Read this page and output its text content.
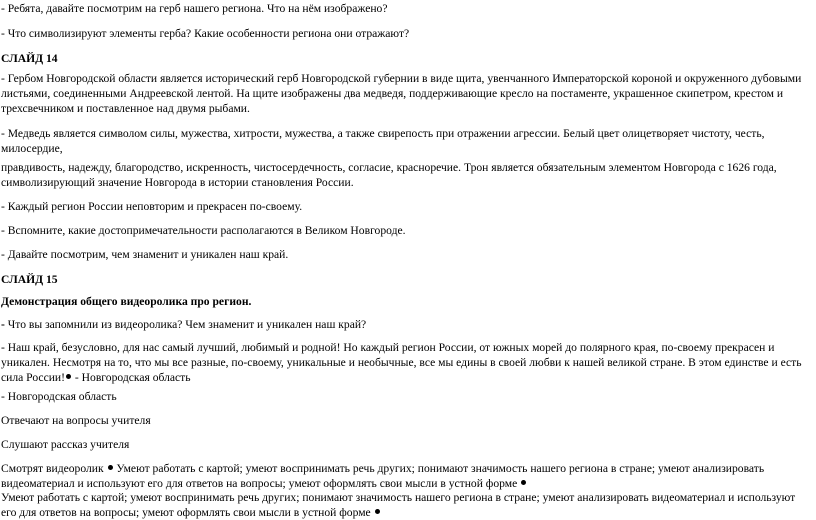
- Ребята, давайте посмотрим на герб нашего региона. Что на нём изображено?

- Что символизируют элементы герба? Какие особенности региона они отражают?

СЛАЙД 14

- Гербом Новгородской области является исторический герб Новгородской губернии в виде щита, увенчанного Императорской короной и окруженного дубовыми листьями, соединенными Андреевской лентой. На щите изображены два медведя, поддерживающие кресло на постаменте, украшенное скипетром, крестом и трехсвечником и поставленное над двумя рыбами.

- Медведь является символом силы, мужества, хитрости, мужества, а также свирепость при отражении агрессии. Белый цвет олицетворяет чистоту, честь, милосердие,

правдивость, надежду, благородство, искренность, чистосердечность, согласие, красноречие. Трон является обязательным элементом Новгорода с 1626 года, символизирующий значение Новгорода в истории становления России.

- Каждый регион России неповторим и прекрасен по-своему.

- Вспомните, какие достопримечательности располагаются в Великом Новгороде.

- Давайте посмотрим, чем знаменит и уникален наш край.

СЛАЙД 15

Демонстрация общего видеоролика про регион.

- Что вы запомнили из видеоролика? Чем знаменит и уникален наш край?

- Наш край, безусловно, для нас самый лучший, любимый и родной! Но каждый регион России, от южных морей до полярного края, по-своему прекрасен и уникален. Несмотря на то, что мы все разные, по-своему, уникальные и необычные, все мы едины в своей любви к нашей великой стране. В этом единстве и есть сила России! - Новгородская область

- Новгородская область

Отвечают на вопросы учителя

Слушают рассказ учителя

Смотрят видеоролик  Умеют работать с картой; умеют воспринимать речь других; понимают значимость нашего региона в стране; умеют анализировать видеоматериал и используют его для ответов на вопросы; умеют оформлять свои мысли в устной форме

Умеют работать с картой; умеют воспринимать речь других; понимают значимость нашего региона в стране; умеют анализировать видеоматериал и используют его для ответов на вопросы; умеют оформлять свои мысли в устной форме
